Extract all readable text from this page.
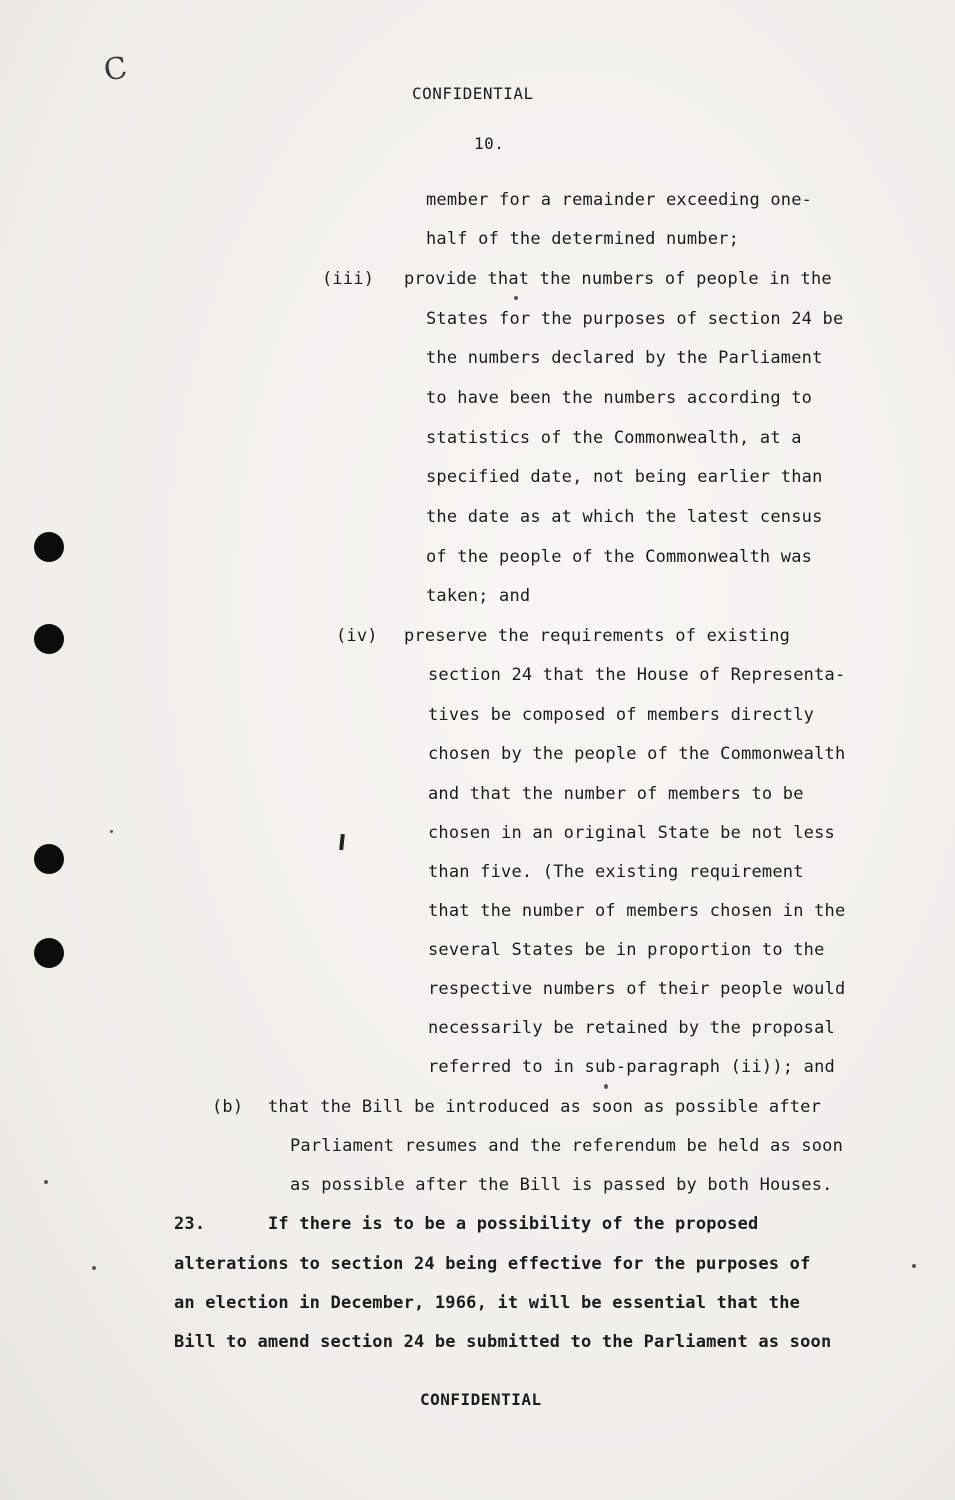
C
CONFIDENTIAL
10.
member for a remainder exceeding one-
half of the determined number;
(iii) provide that the numbers of people in the
States for the purposes of section 24 be
the numbers declared by the Parliament
to have been the numbers according to
statistics of the Commonwealth, at a
specified date, not being earlier than
the date as at which the latest census
of the people of the Commonwealth was
taken; and
(iv) preserve the requirements of existing
section 24 that the House of Representa-
tives be composed of members directly
chosen by the people of the Commonwealth
and that the number of members to be
chosen in an original State be not less
than five. (The existing requirement
that the number of members chosen in the
several States be in proportion to the
respective numbers of their people would
necessarily be retained by the proposal
referred to in sub-paragraph (ii)); and
(b) that the Bill be introduced as soon as possible after
Parliament resumes and the referendum be held as soon
as possible after the Bill is passed by both Houses.
23.	If there is to be a possibility of the proposed
alterations to section 24 being effective for the purposes of
an election in December, 1966, it will be essential that the
Bill to amend section 24 be submitted to the Parliament as soon
CONFIDENTIAL
